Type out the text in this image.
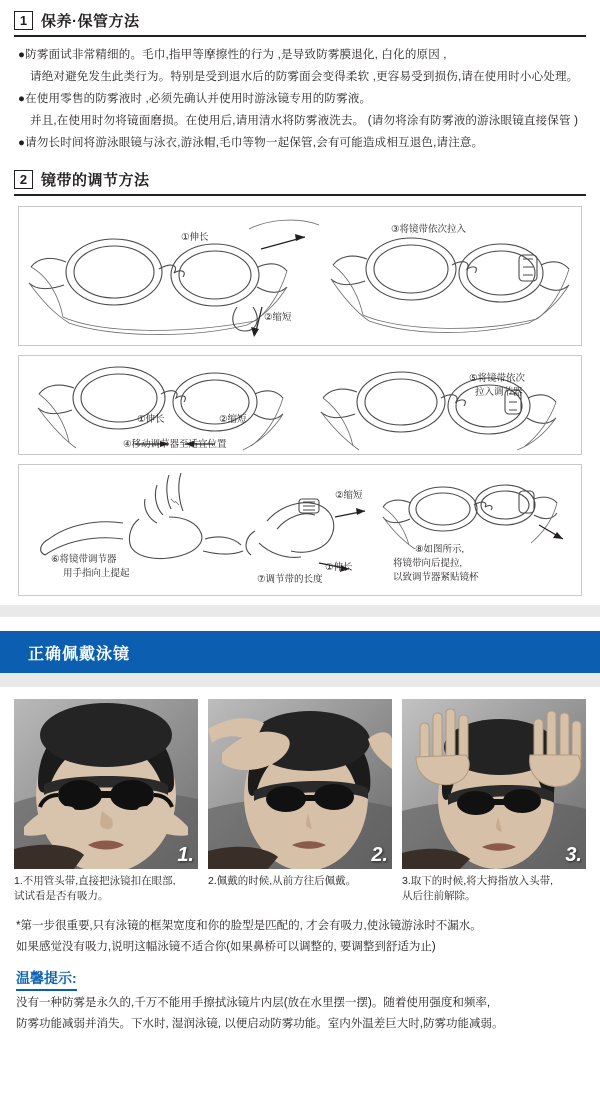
1 保养·保管方法

●防雾面试非常精细的。毛巾,指甲等摩擦性的行为 ,是导致防雾膜退化, 白化的原因 ,

请绝对避免发生此类行为。特别是受到退水后的防雾面会变得柔软 ,更容易受到损伤,请在使用时小心处理。

●在使用零售的防雾液时 ,必须先确认并使用时游泳镜专用的防雾液。

并且,在使用时勿将镜面磨损。在使用后,请用清水将防雾液洗去。 (请勿将涂有防雾液的游泳眼镜直接保管 )

●请勿长时间将游泳眼镜与泳衣,游泳帽,毛巾等物一起保管,会有可能造成相互退色,请注意。

2 镜带的调节方法
①伸长
②缩短
③将镜带依次拉入
①伸长	②缩短
⑤将镜带依次
拉入调节器
④移动调节器至适宜位置
②缩短
①伸长
⑥将镜带调节器
用手指向上提起
⑦调节带的长度
⑧如图所示,
将镜带向后提拉,
以致调节器紧贴镜杯
正确佩戴泳镜
1.
1.不用管头带,直接把泳镜扣在眼部,
试试看是否有吸力。
2.
2.佩戴的时候,从前方往后佩戴。
3.
3.取下的时候,将大拇指放入头带,
从后往前解除。

*第一步很重要,只有泳镜的框架宽度和你的脸型是匹配的, 才会有吸力,使泳镜游泳时不漏水。

如果感觉没有吸力,说明这幅泳镜不适合你(如果鼻桥可以调整的, 要调整到舒适为止)

温馨提示:

没有一种防雾是永久的,千万不能用手擦拭泳镜片内层(放在水里摆一摆)。随着使用强度和频率,

防雾功能减弱并消失。下水时, 湿润泳镜, 以便启动防雾功能。室内外温差巨大时,防雾功能减弱。
